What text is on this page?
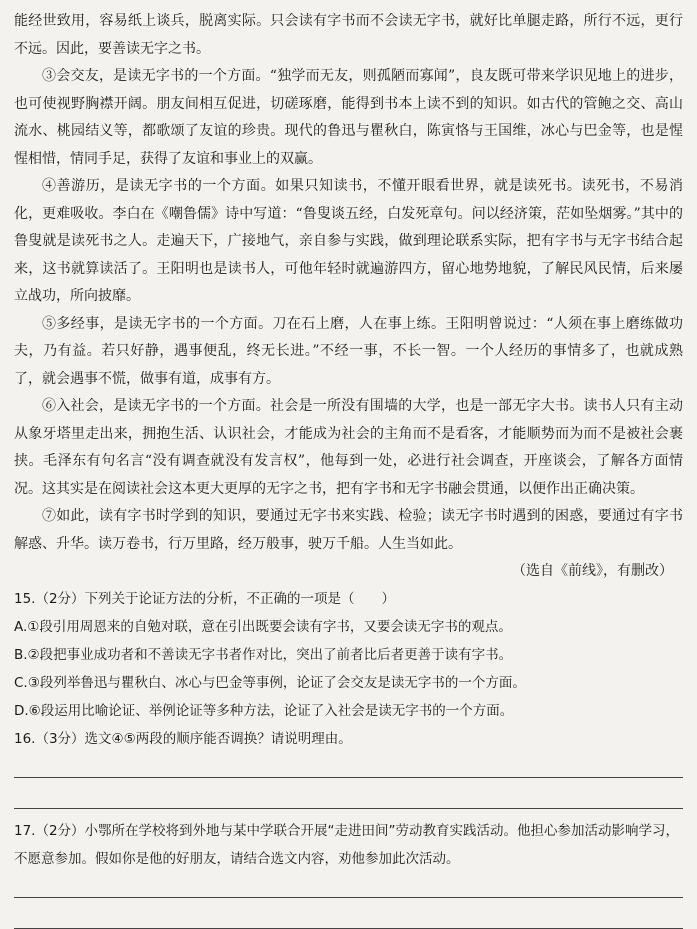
能经世致用，容易纸上谈兵，脱离实际。只会读有字书而不会读无字书，就好比单腿走路，所行不远，更行不远。因此，要善读无字之书。

③会交友，是读无字书的一个方面。“独学而无友，则孤陋而寡闻”，良友既可带来学识见地上的进步，也可使视野胸襟开阔。朋友间相互促进，切磋琢磨，能得到书本上读不到的知识。如古代的管鲍之交、高山流水、桃园结义等，都歌颂了友谊的珍贵。现代的鲁迅与瞿秋白，陈寅恪与王国维，冰心与巴金等，也是惺惺相惜，情同手足，获得了友谊和事业上的双赢。

④善游历，是读无字书的一个方面。如果只知读书，不懂开眼看世界，就是读死书。读死书，不易消化，更难吸收。李白在《嘲鲁儒》诗中写道：“鲁叟谈五经，白发死章句。问以经济策，茫如坠烟雾。”其中的鲁叟就是读死书之人。走遍天下，广接地气，亲自参与实践，做到理论联系实际，把有字书与无字书结合起来，这书就算读活了。王阳明也是读书人，可他年轻时就遍游四方，留心地势地貌，了解民风民情，后来屡立战功，所向披靡。

⑤多经事，是读无字书的一个方面。刀在石上磨，人在事上练。王阳明曾说过：“人须在事上磨练做功夫，乃有益。若只好静，遇事便乱，终无长进。”不经一事，不长一智。一个人经历的事情多了，也就成熟了，就会遇事不慌，做事有道，成事有方。

⑥入社会，是读无字书的一个方面。社会是一所没有围墙的大学，也是一部无字大书。读书人只有主动从象牙塔里走出来，拥抱生活、认识社会，才能成为社会的主角而不是看客，才能顺势而为而不是被社会裹挟。毛泽东有句名言“没有调查就没有发言权”，他每到一处，必进行社会调查，开座谈会，了解各方面情况。这其实是在阅读社会这本更大更厚的无字之书，把有字书和无字书融会贯通，以便作出正确决策。

⑦如此，读有字书时学到的知识，要通过无字书来实践、检验；读无字书时遇到的困惑，要通过有字书解惑、升华。读万卷书，行万里路，经万般事，驶万千船。人生当如此。

（选自《前线》，有删改）

15.（2分）下列关于论证方法的分析，不正确的一项是（　　）

A.①段引用周恩来的自勉对联，意在引出既要会读有字书，又要会读无字书的观点。

B.②段把事业成功者和不善读无字书者作对比，突出了前者比后者更善于读有字书。

C.③段列举鲁迅与瞿秋白、冰心与巴金等事例，论证了会交友是读无字书的一个方面。

D.⑥段运用比喻论证、举例论证等多种方法，论证了入社会是读无字书的一个方面。

16.（3分）选文④⑤两段的顺序能否调换？请说明理由。

17.（2分）小鄂所在学校将到外地与某中学联合开展“走进田间”劳动教育实践活动。他担心参加活动影响学习，不愿意参加。假如你是他的好朋友，请结合选文内容，劝他参加此次活动。
